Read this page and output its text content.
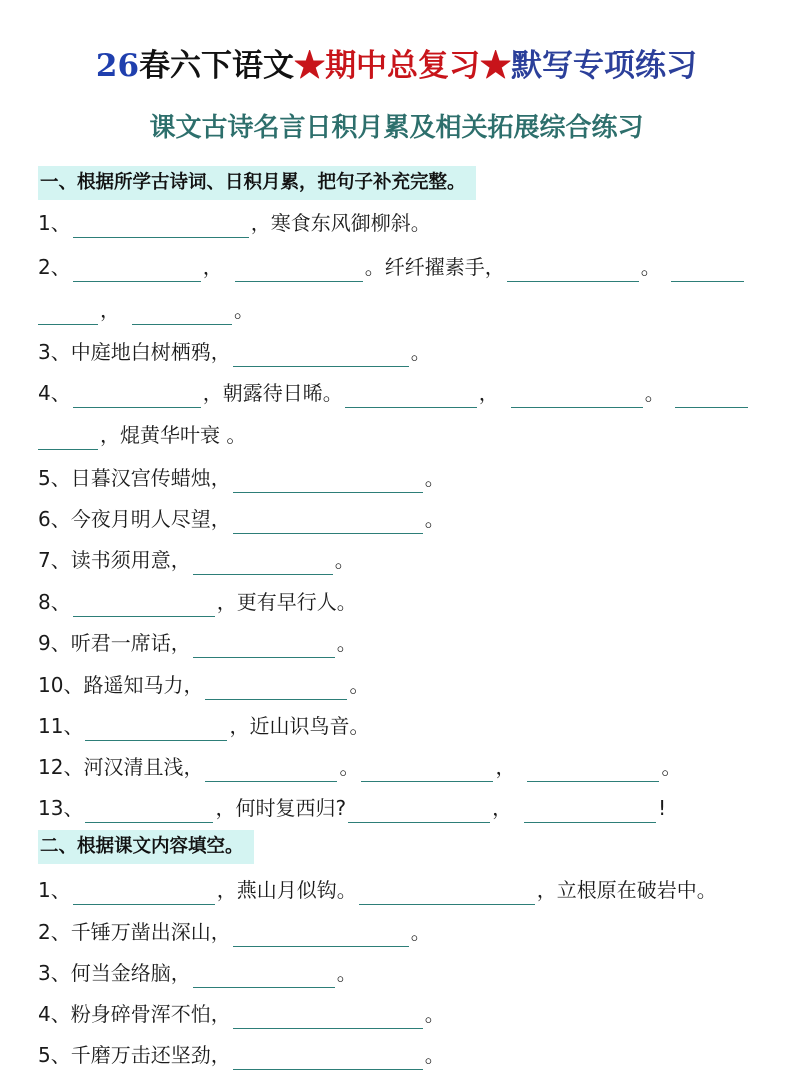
26春六下语文★期中总复习★默写专项练习
课文古诗名言日积月累及相关拓展综合练习
一、根据所学古诗词、日积月累，把句子补充完整。
1、	，寒食东风御柳斜。
2、	，	。纤纤擢素手，	。
，	。
3、中庭地白树栖鸦，	。
4、	，朝露待日晞。	，	。
，焜黄华叶衰 。
5、日暮汉宫传蜡烛，	。
6、今夜月明人尽望，	。
7、读书须用意，	。
8、	，更有早行人。
9、听君一席话，	。
10、路遥知马力，	。
11、	，近山识鸟音。
12、河汉清且浅，	。	，	。
13、	，何时复西归?	，	!
二、根据课文内容填空。
1、	，燕山月似钩。	，立根原在破岩中。
2、千锤万凿出深山，	。
3、何当金络脑，	。
4、粉身碎骨浑不怕，	。
5、千磨万击还坚劲，	。
